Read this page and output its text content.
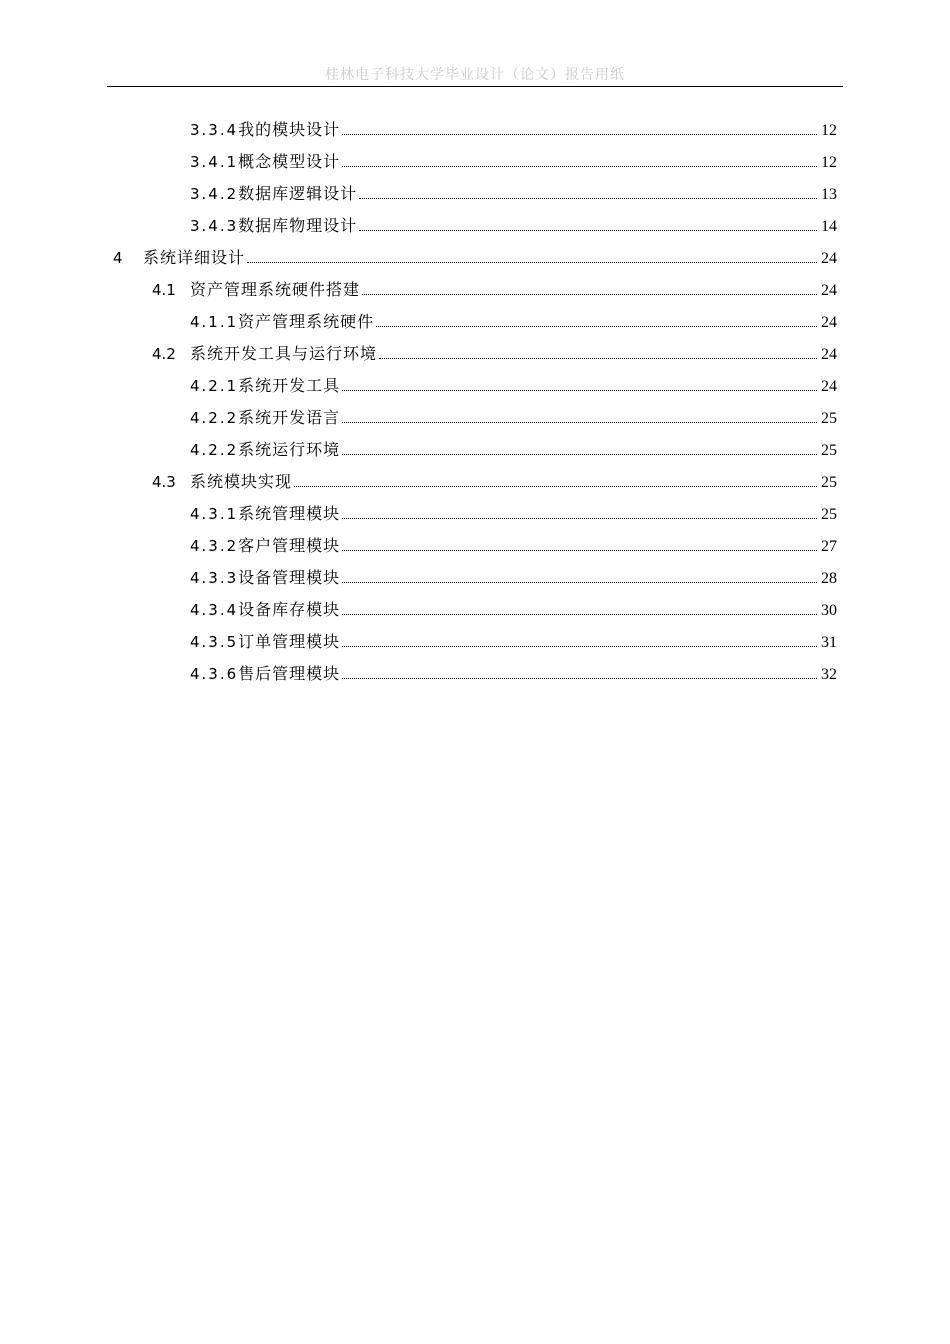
桂林电子科技大学毕业设计（论文）报告用纸
3.3.4 我的模块设计	12
3.4.1 概念模型设计	12
3.4.2 数据库逻辑设计	13
3.4.3 数据库物理设计	14
4	系统详细设计	24
4.1 资产管理系统硬件搭建	24
4.1.1 资产管理系统硬件	24
4.2 系统开发工具与运行环境	24
4.2.1 系统开发工具	24
4.2.2 系统开发语言	25
4.2.2 系统运行环境	25
4.3 系统模块实现	25
4.3.1 系统管理模块	25
4.3.2 客户管理模块	27
4.3.3 设备管理模块	28
4.3.4 设备库存模块	30
4.3.5 订单管理模块	31
4.3.6 售后管理模块	32
